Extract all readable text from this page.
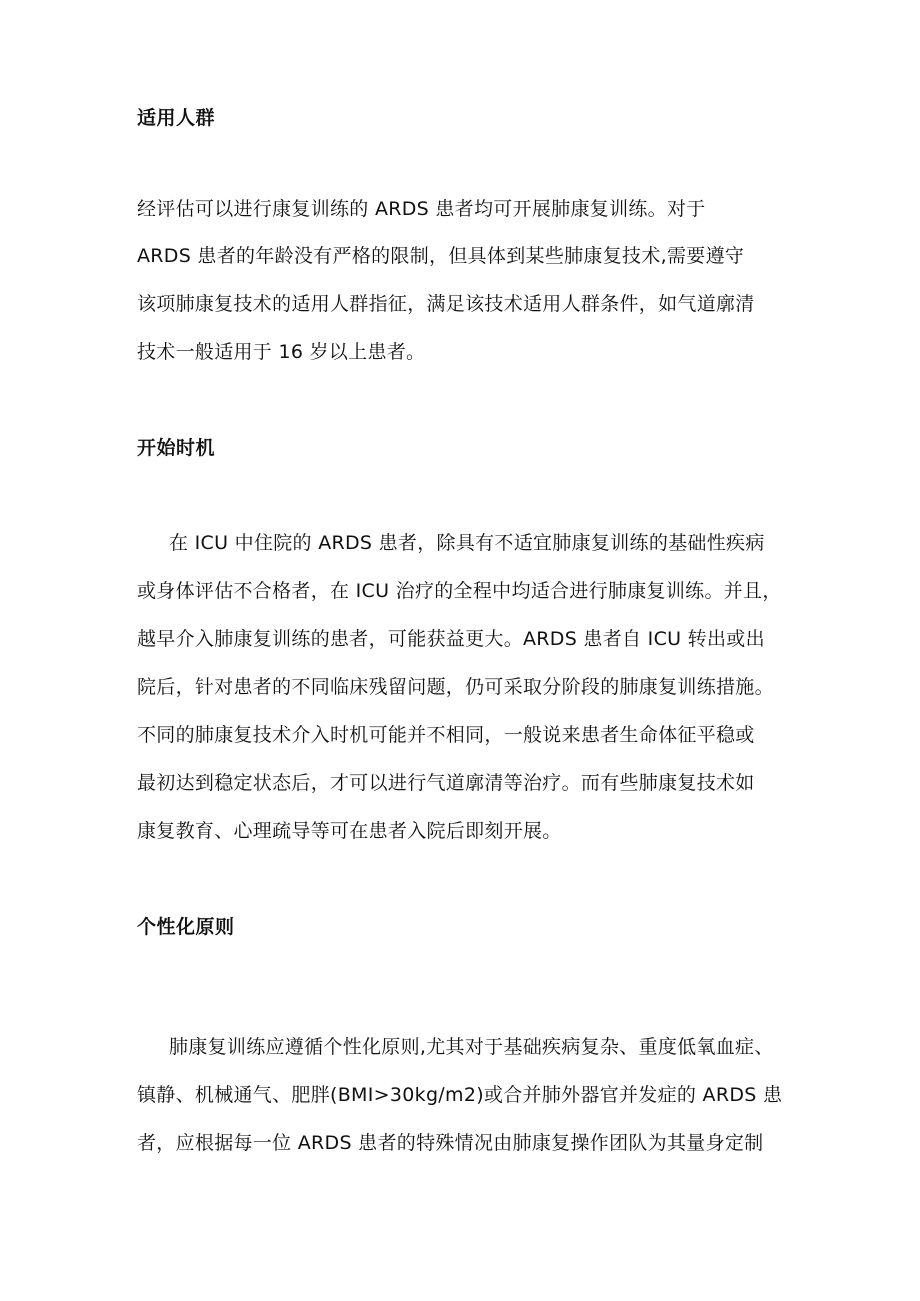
适用人群
经评估可以进行康复训练的 ARDS 患者均可开展肺康复训练。对于
ARDS 患者的年龄没有严格的限制，但具体到某些肺康复技术,需要遵守
该项肺康复技术的适用人群指征，满足该技术适用人群条件，如气道廓清
技术一般适用于 16 岁以上患者。
开始时机
在 ICU 中住院的 ARDS 患者，除具有不适宜肺康复训练的基础性疾病
或身体评估不合格者，在 ICU 治疗的全程中均适合进行肺康复训练。并且，
越早介入肺康复训练的患者，可能获益更大。ARDS 患者自 ICU 转出或出
院后，针对患者的不同临床残留问题，仍可采取分阶段的肺康复训练措施。
不同的肺康复技术介入时机可能并不相同，一般说来患者生命体征平稳或
最初达到稳定状态后，才可以进行气道廓清等治疗。而有些肺康复技术如
康复教育、心理疏导等可在患者入院后即刻开展。
个性化原则
肺康复训练应遵循个性化原则,尤其对于基础疾病复杂、重度低氧血症、
镇静、机械通气、肥胖(BMI>30kg∕m2)或合并肺外器官并发症的 ARDS 患
者，应根据每一位 ARDS 患者的特殊情况由肺康复操作团队为其量身定制
